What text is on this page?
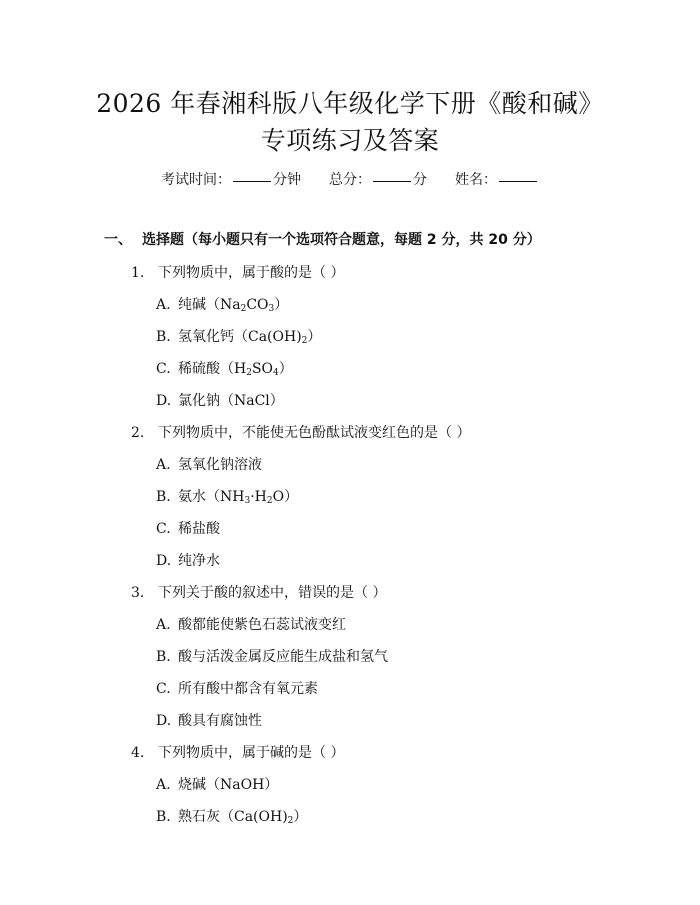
2026 年春湘科版八年级化学下册《酸和碱》
专项练习及答案
考试时间：	分钟 总分：	分 姓名：
一、 选择题（每小题只有一个选项符合题意，每题 2 分，共 20 分）
1. 下列物质中，属于酸的是（ ）
A. 纯碱$(Na_2CO_3)$
B. 氢氧化钙$(Ca(OH)_2)$
C. 稀硫酸$(H_2SO_4)$
D. 氯化钠（NaCl）
2. 下列物质中，不能使无色酚酞试液变红色的是（ ）
A. 氢氧化钠溶液
B. 氨水$(NH_3\cdot H_2O)$
C. 稀盐酸
D. 纯净水
3. 下列关于酸的叙述中，错误的是（ ）
A. 酸都能使紫色石蕊试液变红
B. 酸与活泼金属反应能生成盐和氢气
C. 所有酸中都含有氧元素
D. 酸具有腐蚀性
4. 下列物质中，属于碱的是（ ）
A. 烧碱（NaOH）
B. 熟石灰$(Ca(OH)_2)$
